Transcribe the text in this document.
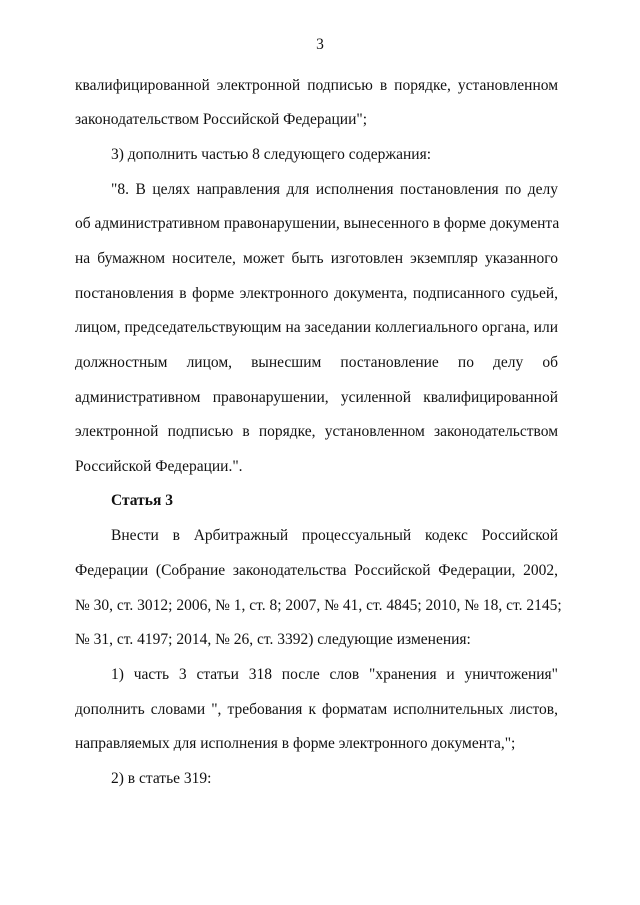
3
квалифицированной электронной подписью в порядке, установленном
законодательством Российской Федерации";
3) дополнить частью 8 следующего содержания:
"8. В целях направления для исполнения постановления по делу
об административном правонарушении, вынесенного в форме документа
на бумажном носителе, может быть изготовлен экземпляр указанного
постановления в форме электронного документа, подписанного судьей,
лицом, председательствующим на заседании коллегиального органа, или
должностным лицом, вынесшим постановление по делу об
административном правонарушении, усиленной квалифицированной
электронной подписью в порядке, установленном законодательством
Российской Федерации.".
Статья 3
Внести в Арбитражный процессуальный кодекс Российской
Федерации (Собрание законодательства Российской Федерации, 2002,
№ 30, ст. 3012; 2006, № 1, ст. 8; 2007, № 41, ст. 4845; 2010, № 18, ст. 2145;
№ 31, ст. 4197; 2014, № 26, ст. 3392) следующие изменения:
1) часть 3 статьи 318 после слов "хранения и уничтожения"
дополнить словами ", требования к форматам исполнительных листов,
направляемых для исполнения в форме электронного документа,";
2) в статье 319:
